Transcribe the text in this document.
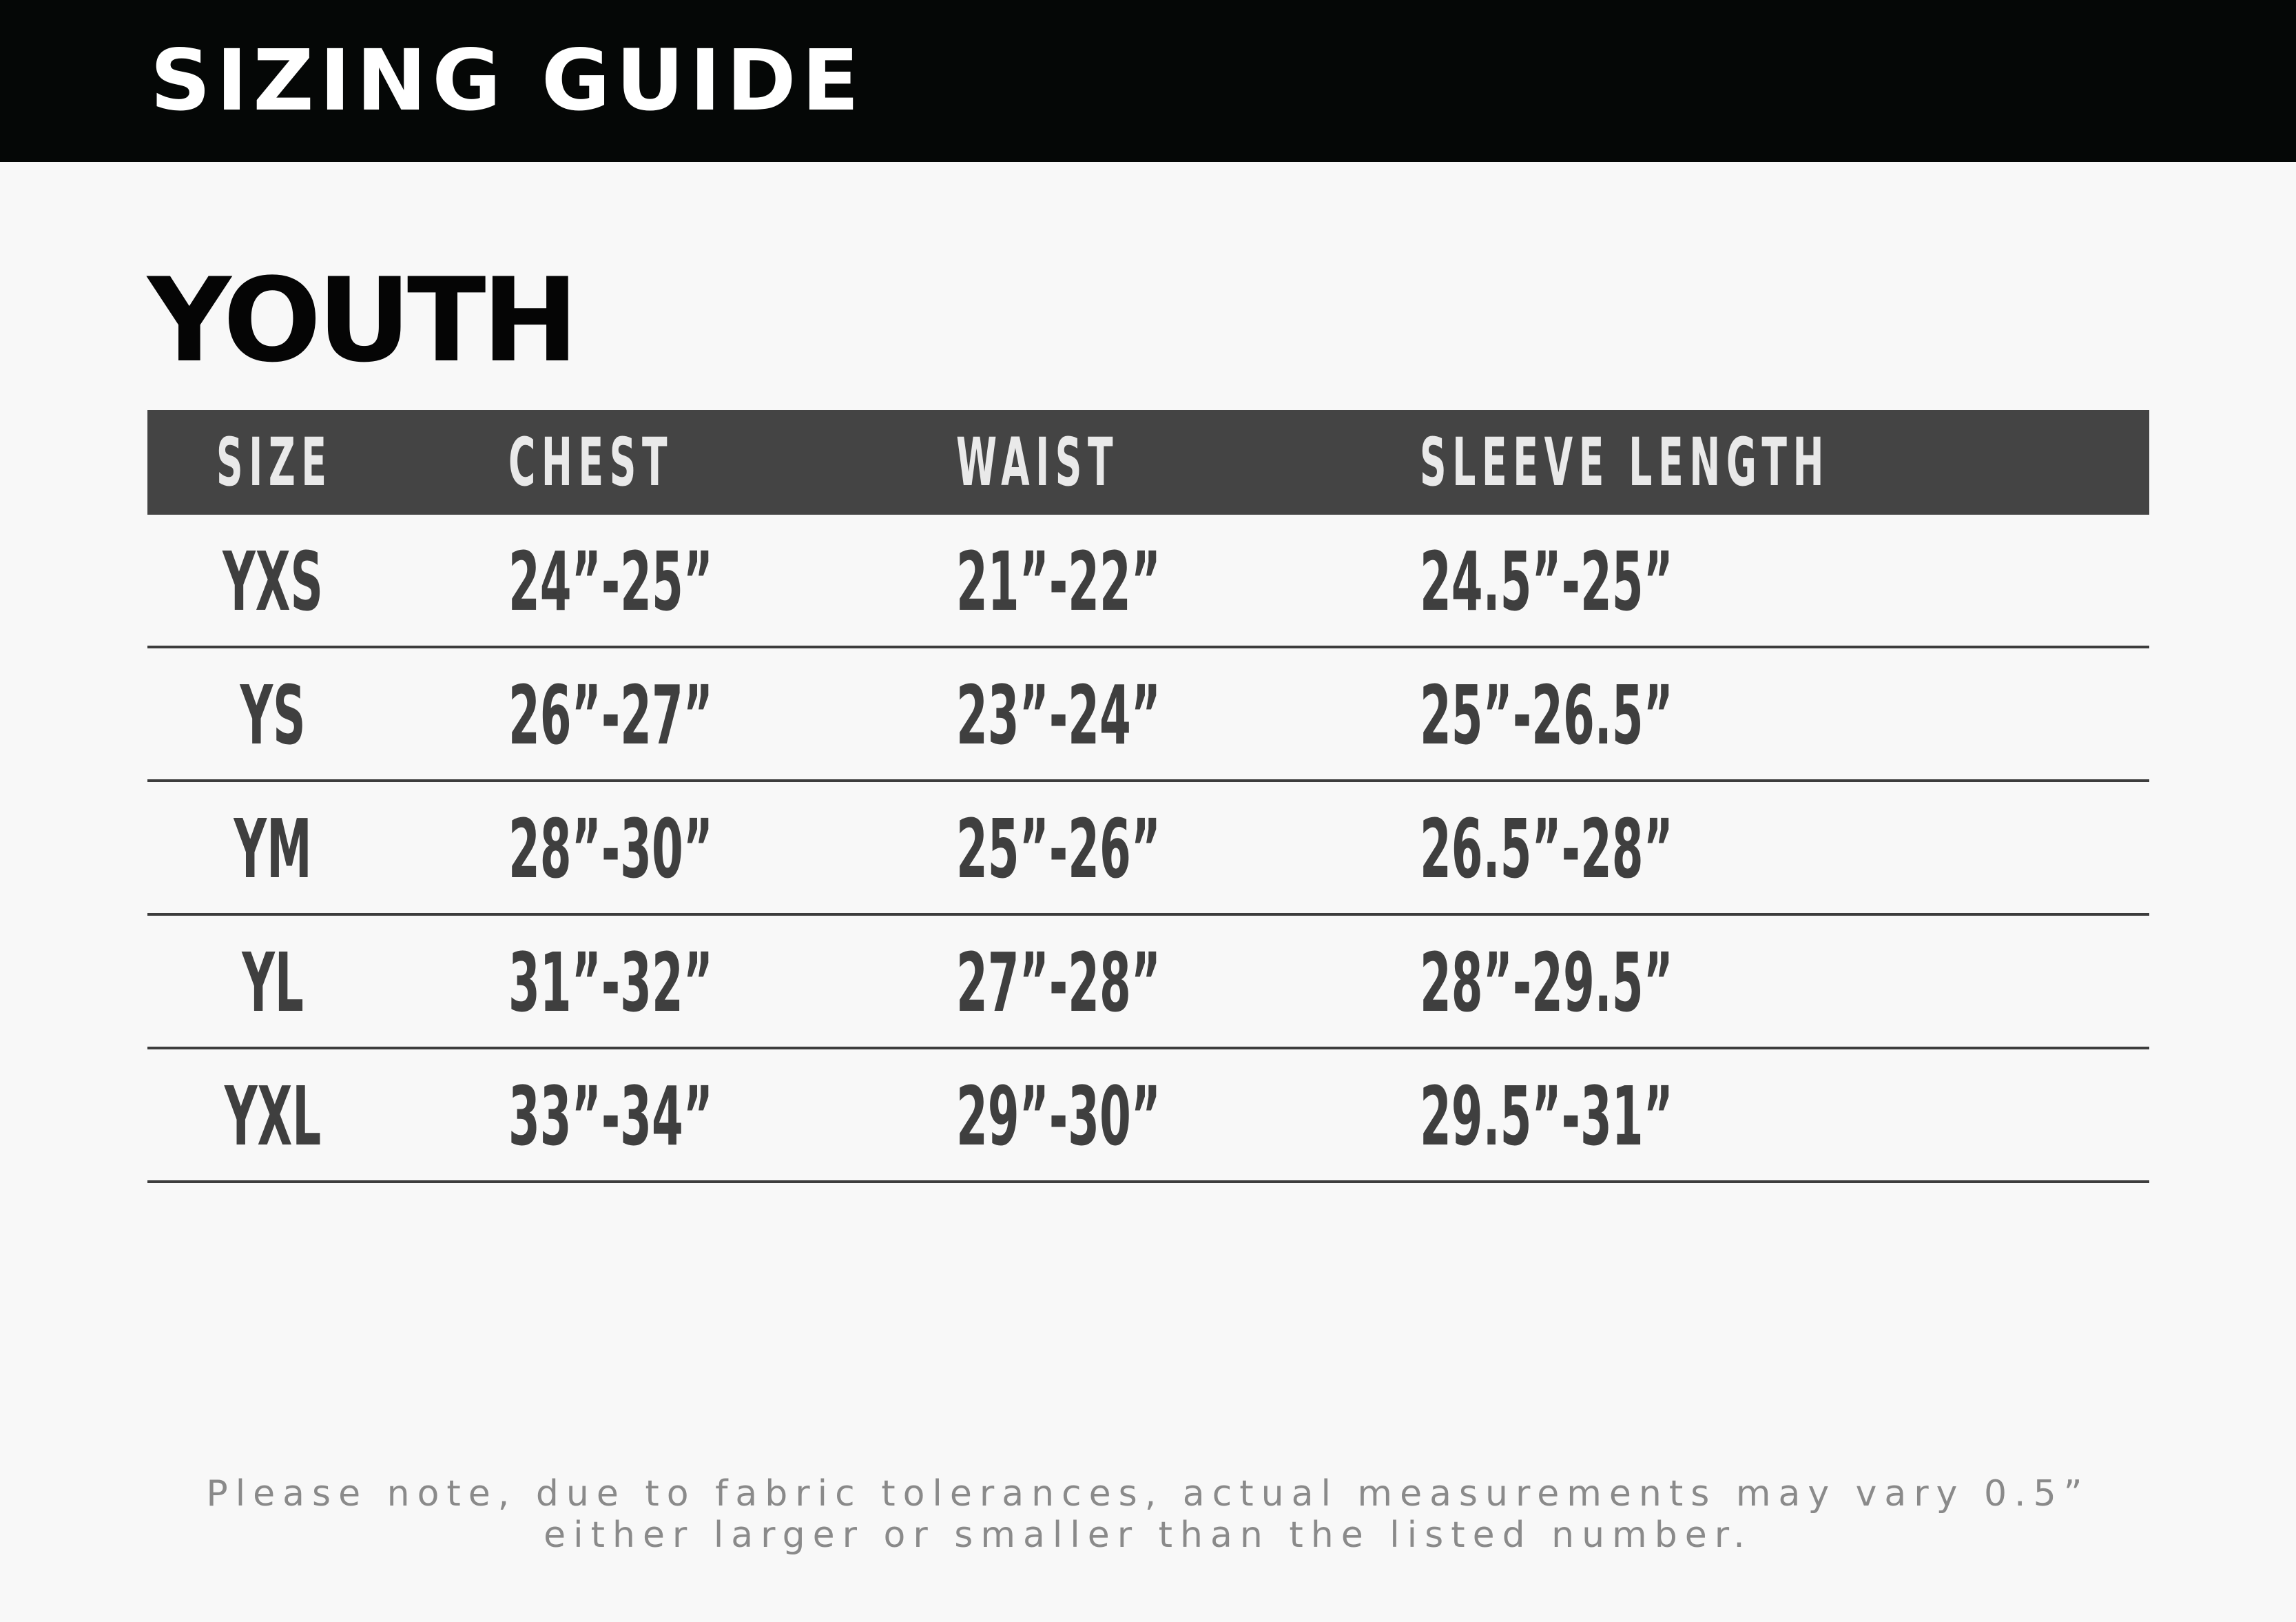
SIZING GUIDE
YOUTH
SIZE	CHEST	WAIST	SLEEVE LENGTH
YXS 24”-25”	21”-22”	24.5”-25”
YS 26”-27”	23”-24”	25”-26.5”
YM 28”-30”	25”-26”	26.5”-28”
YL	31”-32”	27”-28”	28”-29.5”
YXL 33”-34”	29”-30”	29.5”-31”

Please note, due to fabric tolerances, actual measurements may vary 0.5”
either larger or smaller than the listed number.
